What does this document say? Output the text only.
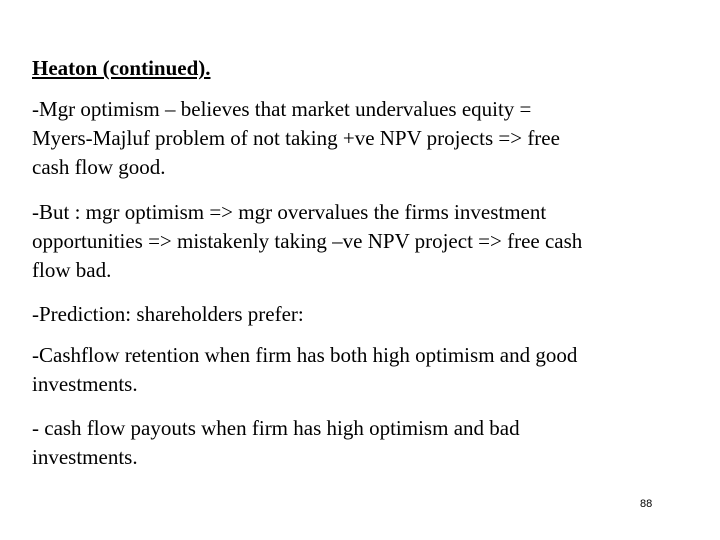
Heaton (continued).
-Mgr optimism – believes that market undervalues equity =
Myers-Majluf problem of not taking +ve NPV projects => free
cash flow good.
-But : mgr optimism => mgr overvalues the firms investment
opportunities => mistakenly taking –ve NPV project => free cash
flow bad.
-Prediction: shareholders prefer:
-Cashflow retention when firm has both high optimism and good
investments.
- cash flow payouts when firm has high optimism and bad
investments.
88
